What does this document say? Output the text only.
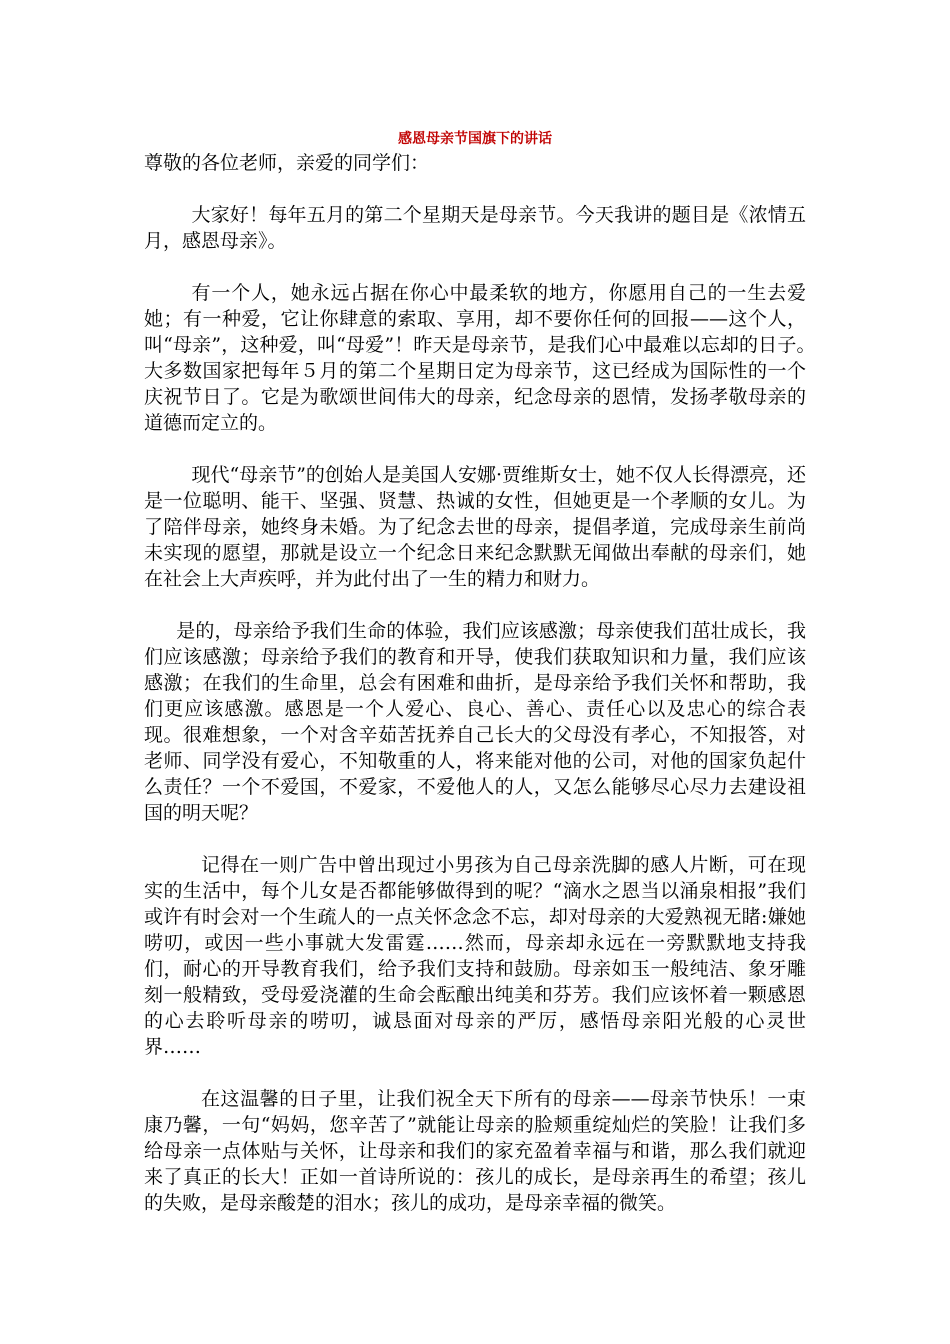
感恩母亲节国旗下的讲话

尊敬的各位老师，亲爱的同学们：

大家好！每年五月的第二个星期天是母亲节。今天我讲的题目是《浓情五月，感恩母亲》。

有一个人，她永远占据在你心中最柔软的地方，你愿用自己的一生去爱她；有一种爱，它让你肆意的索取、享用，却不要你任何的回报——这个人，叫“母亲”，这种爱，叫“母爱”！昨天是母亲节，是我们心中最难以忘却的日子。　大多数国家把每年５月的第二个星期日定为母亲节，这已经成为国际性的一个庆祝节日了。它是为歌颂世间伟大的母亲，纪念母亲的恩情，发扬孝敬母亲的道德而定立的。

现代“母亲节”的创始人是美国人安娜·贾维斯女士，她不仅人长得漂亮，还是一位聪明、能干、坚强、贤慧、热诚的女性，但她更是一个孝顺的女儿。为了陪伴母亲，她终身未婚。为了纪念去世的母亲，提倡孝道，完成母亲生前尚未实现的愿望，那就是设立一个纪念日来纪念默默无闻做出奉献的母亲们，她在社会上大声疾呼，并为此付出了一生的精力和财力。

是的，母亲给予我们生命的体验，我们应该感激；母亲使我们茁壮成长，我们应该感激；母亲给予我们的教育和开导，使我们获取知识和力量，我们应该感激；在我们的生命里，总会有困难和曲折，是母亲给予我们关怀和帮助，我们更应该感激。感恩是一个人爱心、良心、善心、责任心以及忠心的综合表现。很难想象，一个对含辛茹苦抚养自己长大的父母没有孝心，不知报答，对老师、同学没有爱心，不知敬重的人，将来能对他的公司，对他的国家负起什么责任？一个不爱国，不爱家，不爱他人的人，又怎么能够尽心尽力去建设祖国的明天呢？

记得在一则广告中曾出现过小男孩为自己母亲洗脚的感人片断，可在现实的生活中，每个儿女是否都能够做得到的呢？“滴水之恩当以涌泉相报”我们或许有时会对一个生疏人的一点关怀念念不忘，却对母亲的大爱熟视无睹:嫌她唠叨，或因一些小事就大发雷霆……然而，母亲却永远在一旁默默地支持我们，耐心的开导教育我们，给予我们支持和鼓励。母亲如玉一般纯洁、象牙雕刻一般精致，受母爱浇灌的生命会酝酿出纯美和芬芳。我们应该怀着一颗感恩的心去聆听母亲的唠叨，诚恳面对母亲的严厉，感悟母亲阳光般的心灵世界……

在这温馨的日子里，让我们祝全天下所有的母亲——母亲节快乐！一束康乃馨，一句“妈妈，您辛苦了”就能让母亲的脸颊重绽灿烂的笑脸！让我们多给母亲一点体贴与关怀，让母亲和我们的家充盈着幸福与和谐，那么我们就迎来了真正的长大！正如一首诗所说的：孩儿的成长，是母亲再生的希望；孩儿的失败，是母亲酸楚的泪水；孩儿的成功，是母亲幸福的微笑。
